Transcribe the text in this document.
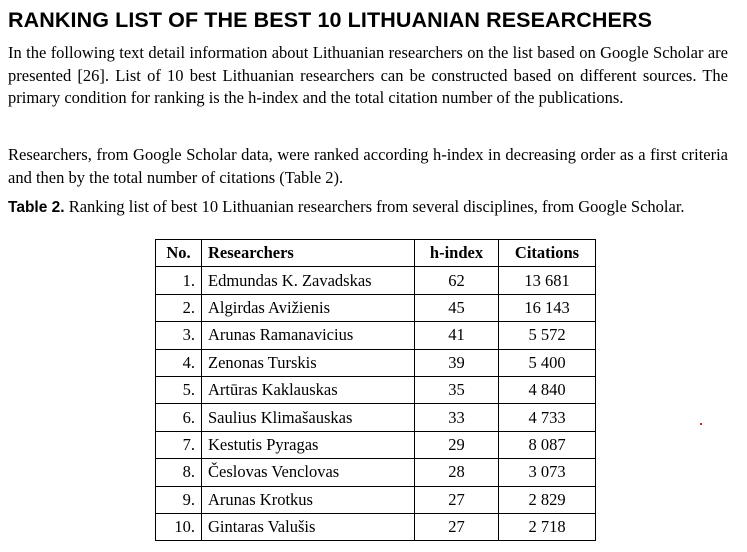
RANKING LIST OF THE BEST 10 LITHUANIAN RESEARCHERS

In the following text detail information about Lithuanian researchers on the list based on Google Scholar are presented [26]. List of 10 best Lithuanian researchers can be constructed based on different sources. The primary condition for ranking is the h-index and the total citation number of the publications.

Researchers, from Google Scholar data, were ranked according h-index in decreasing order as a first criteria and then by the total number of citations (Table 2).

Table 2. Ranking list of best 10 Lithuanian researchers from several disciplines, from Google Scholar.

No.	Researchers	h-index	Citations
1.	Edmundas K. Zavadskas	62	13 681
2.	Algirdas Avižienis	45	16 143
3.	Arunas Ramanavicius	41	5 572
4.	Zenonas Turskis	39	5 400
5.	Artūras Kaklauskas	35	4 840
6.	Saulius Klimašauskas	33	4 733
7.	Kestutis Pyragas	29	8 087
8.	Česlovas Venclovas	28	3 073
9.	Arunas Krotkus	27	2 829
10.	Gintaras Valušis	27	2 718
